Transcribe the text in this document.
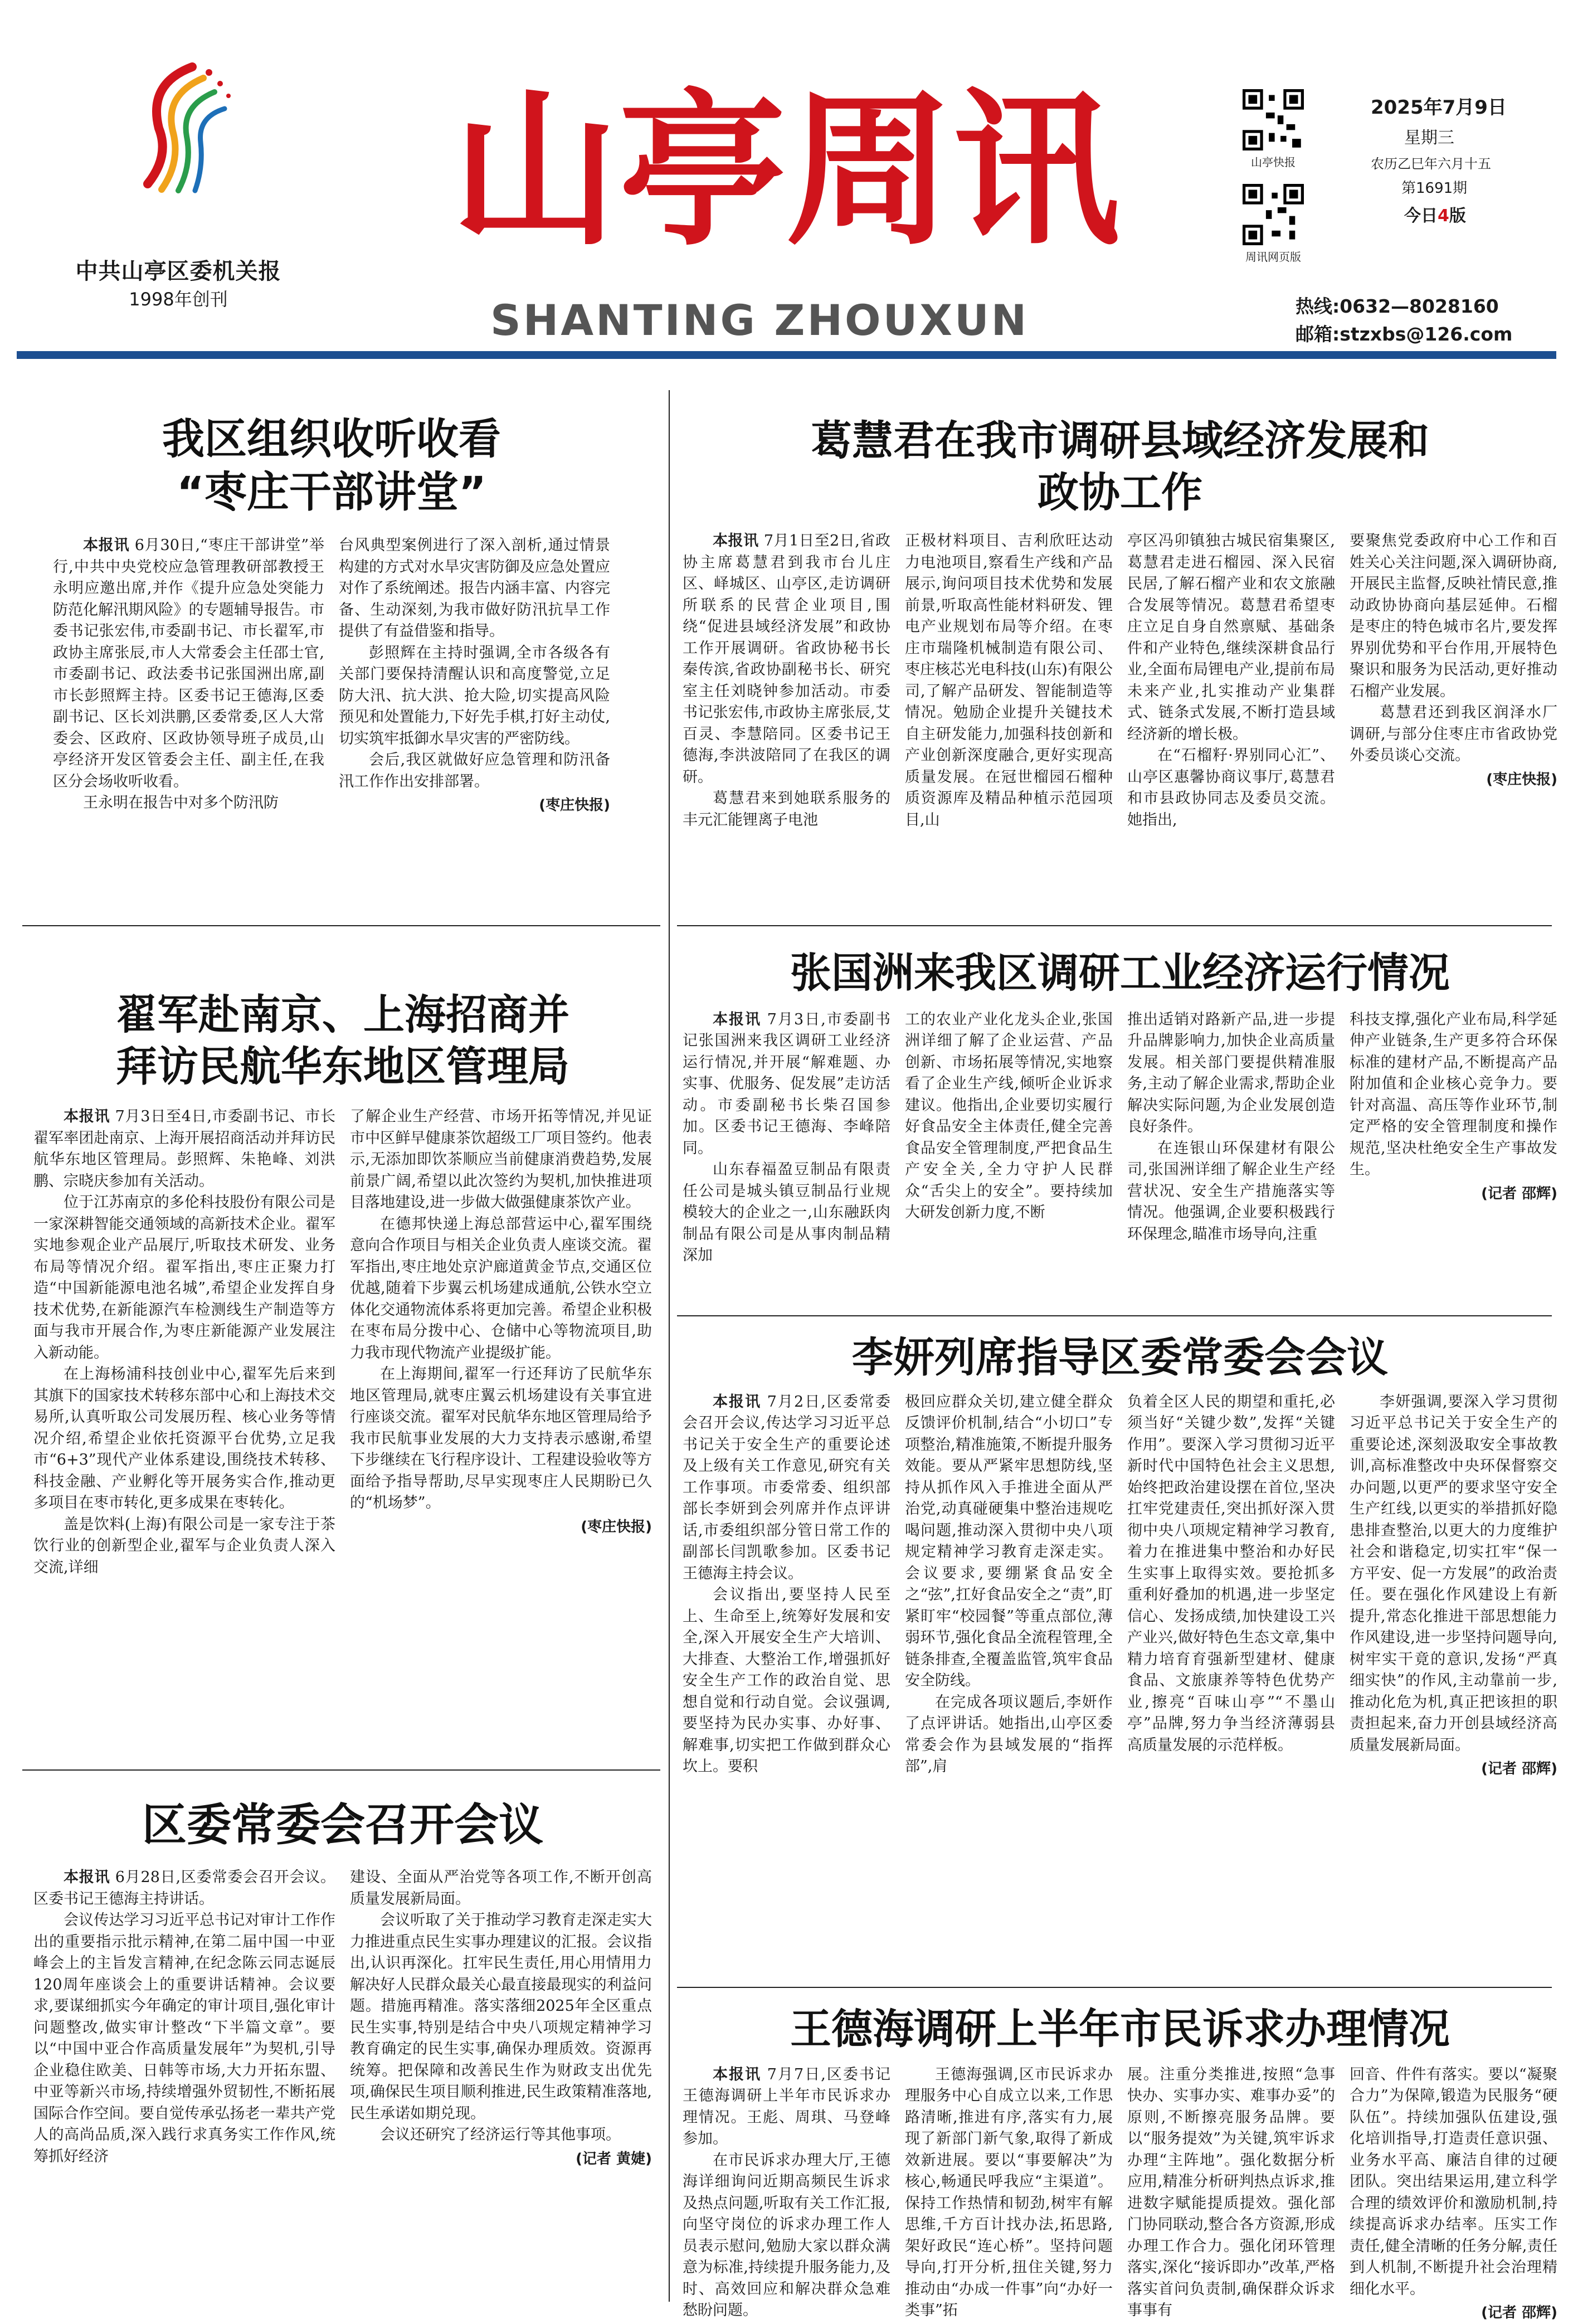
中共山亭区委机关报
1998年创刊
山亭周讯
SHANTING ZHOUXUN
山亭快报
周讯网页版
2025年7月9日
星期三
农历乙巳年六月十五
第1691期
今日4版
热线:0632—8028160
邮箱:stzxbs@126.com
我区组织收听收看
“枣庄干部讲堂”

本报讯 6月30日,“枣庄干部讲堂”举行,中共中央党校应急管理教研部教授王永明应邀出席,并作《提升应急处突能力 防范化解汛期风险》的专题辅导报告。市委书记张宏伟,市委副书记、市长翟军,市政协主席张辰,市人大常委会主任邵士官,市委副书记、政法委书记张国洲出席,副市长彭照辉主持。区委书记王德海,区委副书记、区长刘洪鹏,区委常委,区人大常委会、区政府、区政协领导班子成员,山亭经济开发区管委会主任、副主任,在我区分会场收听收看。

王永明在报告中对多个防汛防

台风典型案例进行了深入剖析,通过情景构建的方式对水旱灾害防御及应急处置应对作了系统阐述。报告内涵丰富、内容完备、生动深刻,为我市做好防汛抗旱工作提供了有益借鉴和指导。

彭照辉在主持时强调,全市各级各有关部门要保持清醒认识和高度警觉,立足防大汛、抗大洪、抢大险,切实提高风险预见和处置能力,下好先手棋,打好主动仗,切实筑牢抵御水旱灾害的严密防线。

会后,我区就做好应急管理和防汛备汛工作作出安排部署。

(枣庄快报)
葛慧君在我市调研县域经济发展和
政协工作

本报讯 7月1日至2日,省政协主席葛慧君到我市台儿庄区、峄城区、山亭区,走访调研所联系的民营企业项目,围绕“促进县域经济发展”和政协工作开展调研。省政协秘书长秦传滨,省政协副秘书长、研究室主任刘晓钟参加活动。市委书记张宏伟,市政协主席张辰,艾百灵、李慧陪同。区委书记王德海,李洪波陪同了在我区的调研。

葛慧君来到她联系服务的丰元汇能锂离子电池

正极材料项目、吉利欣旺达动力电池项目,察看生产线和产品展示,询问项目技术优势和发展前景,听取高性能材料研发、锂电产业规划布局等介绍。在枣庄市瑞隆机械制造有限公司、枣庄核芯光电科技(山东)有限公司,了解产品研发、智能制造等情况。勉励企业提升关键技术自主研发能力,加强科技创新和产业创新深度融合,更好实现高质量发展。在冠世榴园石榴种质资源库及精品种植示范园项目,山

亭区冯卯镇独古城民宿集聚区,葛慧君走进石榴园、深入民宿民居,了解石榴产业和农文旅融合发展等情况。葛慧君希望枣庄立足自身自然禀赋、基础条件和产业特色,继续深耕食品行业,全面布局锂电产业,提前布局未来产业,扎实推动产业集群式、链条式发展,不断打造县域经济新的增长极。

在“石榴籽·界别同心汇”、山亭区惠馨协商议事厅,葛慧君和市县政协同志及委员交流。她指出,

要聚焦党委政府中心工作和百姓关心关注问题,深入调研协商,开展民主监督,反映社情民意,推动政协协商向基层延伸。石榴是枣庄的特色城市名片,要发挥界别优势和平台作用,开展特色聚识和服务为民活动,更好推动石榴产业发展。

葛慧君还到我区润泽水厂调研,与部分住枣庄市省政协党外委员谈心交流。

(枣庄快报)
翟军赴南京、上海招商并
拜访民航华东地区管理局

本报讯 7月3日至4日,市委副书记、市长翟军率团赴南京、上海开展招商活动并拜访民航华东地区管理局。彭照辉、朱艳峰、刘洪鹏、宗晓庆参加有关活动。

位于江苏南京的多伦科技股份有限公司是一家深耕智能交通领域的高新技术企业。翟军实地参观企业产品展厅,听取技术研发、业务布局等情况介绍。翟军指出,枣庄正聚力打造“中国新能源电池名城”,希望企业发挥自身技术优势,在新能源汽车检测线生产制造等方面与我市开展合作,为枣庄新能源产业发展注入新动能。

在上海杨浦科技创业中心,翟军先后来到其旗下的国家技术转移东部中心和上海技术交易所,认真听取公司发展历程、核心业务等情况介绍,希望企业依托资源平台优势,立足我市“6+3”现代产业体系建设,围绕技术转移、科技金融、产业孵化等开展务实合作,推动更多项目在枣市转化,更多成果在枣转化。

盖是饮料(上海)有限公司是一家专注于茶饮行业的创新型企业,翟军与企业负责人深入交流,详细

了解企业生产经营、市场开拓等情况,并见证市中区鲜早健康茶饮超级工厂项目签约。他表示,无添加即饮茶顺应当前健康消费趋势,发展前景广阔,希望以此次签约为契机,加快推进项目落地建设,进一步做大做强健康茶饮产业。

在德邦快递上海总部营运中心,翟军围绕意向合作项目与相关企业负责人座谈交流。翟军指出,枣庄地处京沪廊道黄金节点,交通区位优越,随着下步翼云机场建成通航,公铁水空立体化交通物流体系将更加完善。希望企业积极在枣布局分拨中心、仓储中心等物流项目,助力我市现代物流产业提级扩能。

在上海期间,翟军一行还拜访了民航华东地区管理局,就枣庄翼云机场建设有关事宜进行座谈交流。翟军对民航华东地区管理局给予我市民航事业发展的大力支持表示感谢,希望下步继续在飞行程序设计、工程建设验收等方面给予指导帮助,尽早实现枣庄人民期盼已久的“机场梦”。

(枣庄快报)
张国洲来我区调研工业经济运行情况

本报讯 7月3日,市委副书记张国洲来我区调研工业经济运行情况,并开展“解难题、办实事、优服务、促发展”走访活动。市委副秘书长柴召国参加。区委书记王德海、李峰陪同。

山东春福盈豆制品有限责任公司是城头镇豆制品行业规模较大的企业之一,山东融跃肉制品有限公司是从事肉制品精深加

工的农业产业化龙头企业,张国洲详细了解了企业运营、产品创新、市场拓展等情况,实地察看了企业生产线,倾听企业诉求建议。他指出,企业要切实履行好食品安全主体责任,健全完善食品安全管理制度,严把食品生产安全关,全力守护人民群众“舌尖上的安全”。要持续加大研发创新力度,不断

推出适销对路新产品,进一步提升品牌影响力,加快企业高质量发展。相关部门要提供精准服务,主动了解企业需求,帮助企业解决实际问题,为企业发展创造良好条件。

在连银山环保建材有限公司,张国洲详细了解企业生产经营状况、安全生产措施落实等情况。他强调,企业要积极践行环保理念,瞄准市场导向,注重

科技支撑,强化产业布局,科学延伸产业链条,生产更多符合环保标准的建材产品,不断提高产品附加值和企业核心竞争力。要针对高温、高压等作业环节,制定严格的安全管理制度和操作规范,坚决杜绝安全生产事故发生。

(记者 邵辉)
李妍列席指导区委常委会会议

本报讯 7月2日,区委常委会召开会议,传达学习习近平总书记关于安全生产的重要论述及上级有关工作意见,研究有关工作事项。市委常委、组织部部长李妍到会列席并作点评讲话,市委组织部分管日常工作的副部长闫凯歌参加。区委书记王德海主持会议。

会议指出,要坚持人民至上、生命至上,统筹好发展和安全,深入开展安全生产大培训、大排查、大整治工作,增强抓好安全生产工作的政治自觉、思想自觉和行动自觉。会议强调,要坚持为民办实事、办好事、解难事,切实把工作做到群众心坎上。要积

极回应群众关切,建立健全群众反馈评价机制,结合“小切口”专项整治,精准施策,不断提升服务效能。要从严紧牢思想防线,坚持从抓作风入手推进全面从严治党,动真碰硬集中整治违规吃喝问题,推动深入贯彻中央八项规定精神学习教育走深走实。会议要求,要绷紧食品安全之“弦”,扛好食品安全之“责”,盯紧盯牢“校园餐”等重点部位,薄弱环节,强化食品全流程管理,全链条排查,全覆盖监管,筑牢食品安全防线。

在完成各项议题后,李妍作了点评讲话。她指出,山亭区委常委会作为县域发展的“指挥部”,肩

负着全区人民的期望和重托,必须当好“关键少数”,发挥“关键作用”。要深入学习贯彻习近平新时代中国特色社会主义思想,始终把政治建设摆在首位,坚决扛牢党建责任,突出抓好深入贯彻中央八项规定精神学习教育,着力在推进集中整治和办好民生实事上取得实效。要抢抓多重利好叠加的机遇,进一步坚定信心、发扬成绩,加快建设工兴产业兴,做好特色生态文章,集中精力培育育强新型建材、健康食品、文旅康养等特色优势产业,擦亮“百味山亭”“不墨山亭”品牌,努力争当经济薄弱县高质量发展的示范样板。

李妍强调,要深入学习贯彻习近平总书记关于安全生产的重要论述,深刻汲取安全事故教训,高标准整改中央环保督察交办问题,以更严的要求坚守安全生产红线,以更实的举措抓好隐患排查整治,以更大的力度维护社会和谐稳定,切实扛牢“保一方平安、促一方发展”的政治责任。要在强化作风建设上有新提升,常态化推进干部思想能力作风建设,进一步坚持问题导向,树牢实干竟的意识,发扬“严真细实快”的作风,主动靠前一步,推动化危为机,真正把该担的职责担起来,奋力开创县域经济高质量发展新局面。

(记者 邵辉)
区委常委会召开会议

本报讯 6月28日,区委常委会召开会议。区委书记王德海主持讲话。

会议传达学习习近平总书记对审计工作作出的重要指示批示精神,在第二届中国一中亚峰会上的主旨发言精神,在纪念陈云同志诞辰120周年座谈会上的重要讲话精神。会议要求,要谋细抓实今年确定的审计项目,强化审计问题整改,做实审计整改“下半篇文章”。要以“中国中亚合作高质量发展年”为契机,引导企业稳住欧美、日韩等市场,大力开拓东盟、中亚等新兴市场,持续增强外贸韧性,不断拓展国际合作空间。要自觉传承弘扬老一辈共产党人的高尚品质,深入践行求真务实工作作风,统筹抓好经济

建设、全面从严治党等各项工作,不断开创高质量发展新局面。

会议听取了关于推动学习教育走深走实大力推进重点民生实事办理建议的汇报。会议指出,认识再深化。扛牢民生责任,用心用情用力解决好人民群众最关心最直接最现实的利益问题。措施再精准。落实落细2025年全区重点民生实事,特别是结合中央八项规定精神学习教育确定的民生实事,确保办理质效。资源再统筹。把保障和改善民生作为财政支出优先项,确保民生项目顺利推进,民生政策精准落地,民生承诺如期兑现。

会议还研究了经济运行等其他事项。

(记者 黄婕)
王德海调研上半年市民诉求办理情况

本报讯 7月7日,区委书记王德海调研上半年市民诉求办理情况。王彪、周琪、马登峰参加。

在市民诉求办理大厅,王德海详细询问近期高频民生诉求及热点问题,听取有关工作汇报,向坚守岗位的诉求办理工作人员表示慰问,勉励大家以群众满意为标准,持续提升服务能力,及时、高效回应和解决群众急难愁盼问题。

王德海强调,区市民诉求办理服务中心自成立以来,工作思路清晰,推进有序,落实有力,展现了新部门新气象,取得了新成效新进展。要以“事要解决”为核心,畅通民呼我应“主渠道”。保持工作热情和韧劲,树牢有解思维,千方百计找办法,拓思路,架好政民“连心桥”。坚持问题导向,打开分析,扭住关键,努力推动由“办成一件事”向“办好一类事”拓

展。注重分类推进,按照“急事快办、实事办实、难事办妥”的原则,不断擦亮服务品牌。要以“服务提效”为关键,筑牢诉求办理“主阵地”。强化数据分析应用,精准分析研判热点诉求,推进数字赋能提质提效。强化部门协同联动,整合各方资源,形成办理工作合力。强化闭环管理落实,深化“接诉即办”改革,严格落实首问负责制,确保群众诉求事事有

回音、件件有落实。要以“凝聚合力”为保障,锻造为民服务“硬队伍”。持续加强队伍建设,强化培训指导,打造责任意识强、业务水平高、廉洁自律的过硬团队。突出结果运用,建立科学合理的绩效评价和激励机制,持续提高诉求办结率。压实工作责任,健全清晰的任务分解,责任到人机制,不断提升社会治理精细化水平。

(记者 邵辉)
